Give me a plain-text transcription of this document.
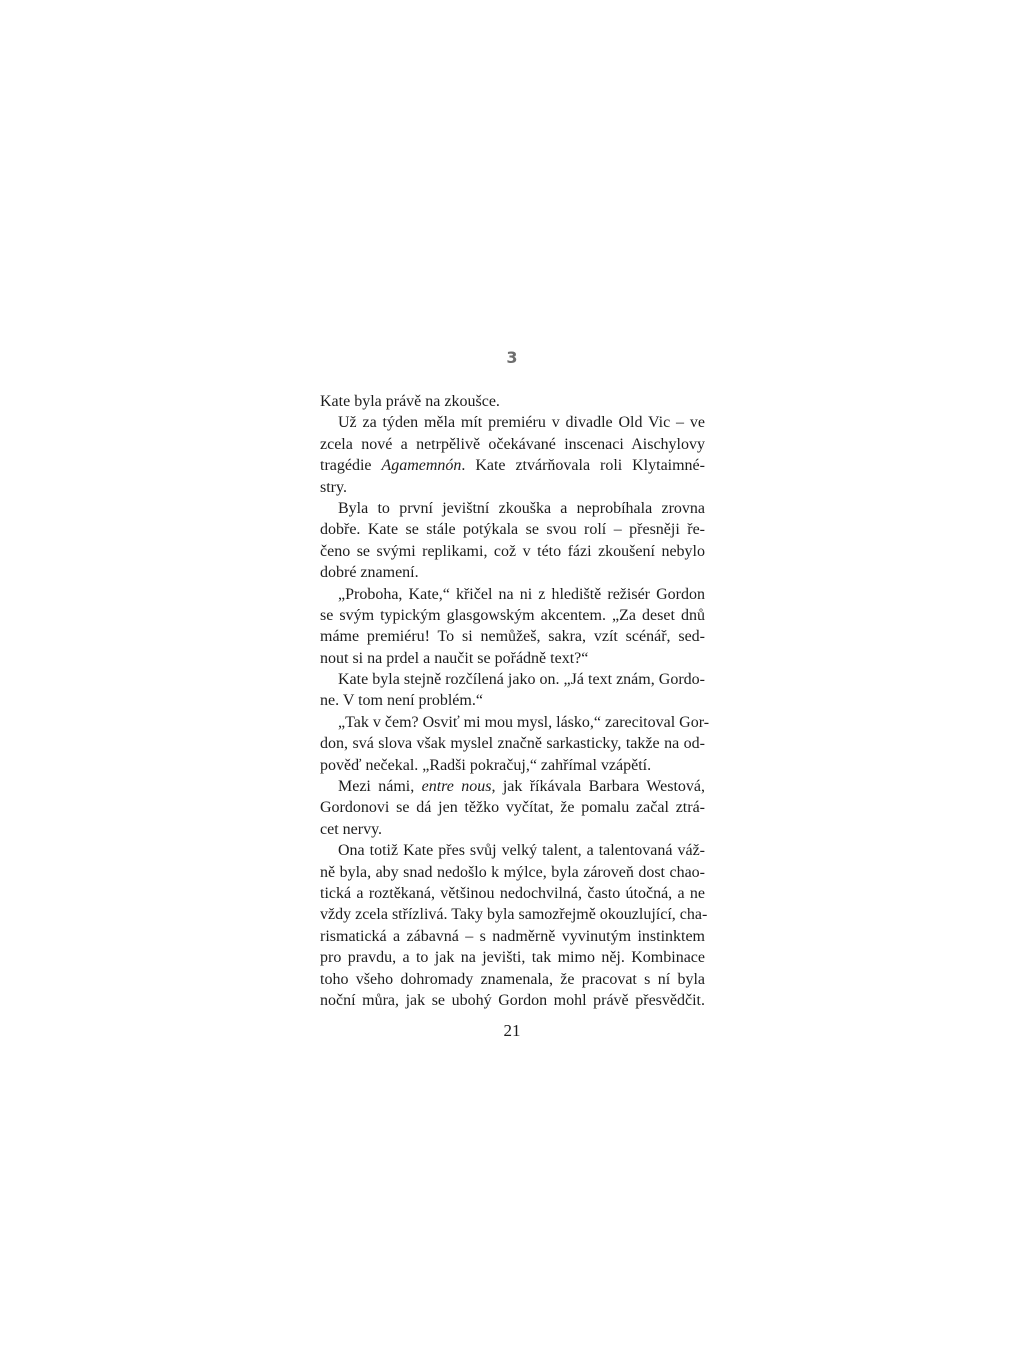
3
Kate byla právě na zkoušce.
Už za týden měla mít premiéru v divadle Old Vic – ve
zcela nové a netrpělivě očekávané inscenaci Aischylovy
tragédie Agamemnón. Kate ztvárňovala roli Klytaimné-
stry.
Byla to první jevištní zkouška a neprobíhala zrovna
dobře. Kate se stále potýkala se svou rolí – přesněji ře-
čeno se svými replikami, což v této fázi zkoušení nebylo
dobré znamení.
„Proboha, Kate,“ křičel na ni z hlediště režisér Gordon
se svým typickým glasgowským akcentem. „Za deset dnů
máme premiéru! To si nemůžeš, sakra, vzít scénář, sed-
nout si na prdel a naučit se pořádně text?“
Kate byla stejně rozčílená jako on. „Já text znám, Gordo-
ne. V tom není problém.“
„Tak v čem? Osviť mi mou mysl, lásko,“ zarecitoval Gor-
don, svá slova však myslel značně sarkasticky, takže na od-
pověď nečekal. „Radši pokračuj,“ zahřímal vzápětí.
Mezi námi, entre nous, jak říkávala Barbara Westová,
Gordonovi se dá jen těžko vyčítat, že pomalu začal ztrá-
cet nervy.
Ona totiž Kate přes svůj velký talent, a talentovaná váž-
ně byla, aby snad nedošlo k mýlce, byla zároveň dost chao-
tická a roztěkaná, většinou nedochvilná, často útočná, a ne
vždy zcela střízlivá. Taky byla samozřejmě okouzlující, cha-
rismatická a zábavná – s nadměrně vyvinutým instinktem
pro pravdu, a to jak na jevišti, tak mimo něj. Kombinace
toho všeho dohromady znamenala, že pracovat s ní byla
noční můra, jak se ubohý Gordon mohl právě přesvědčit.
21
